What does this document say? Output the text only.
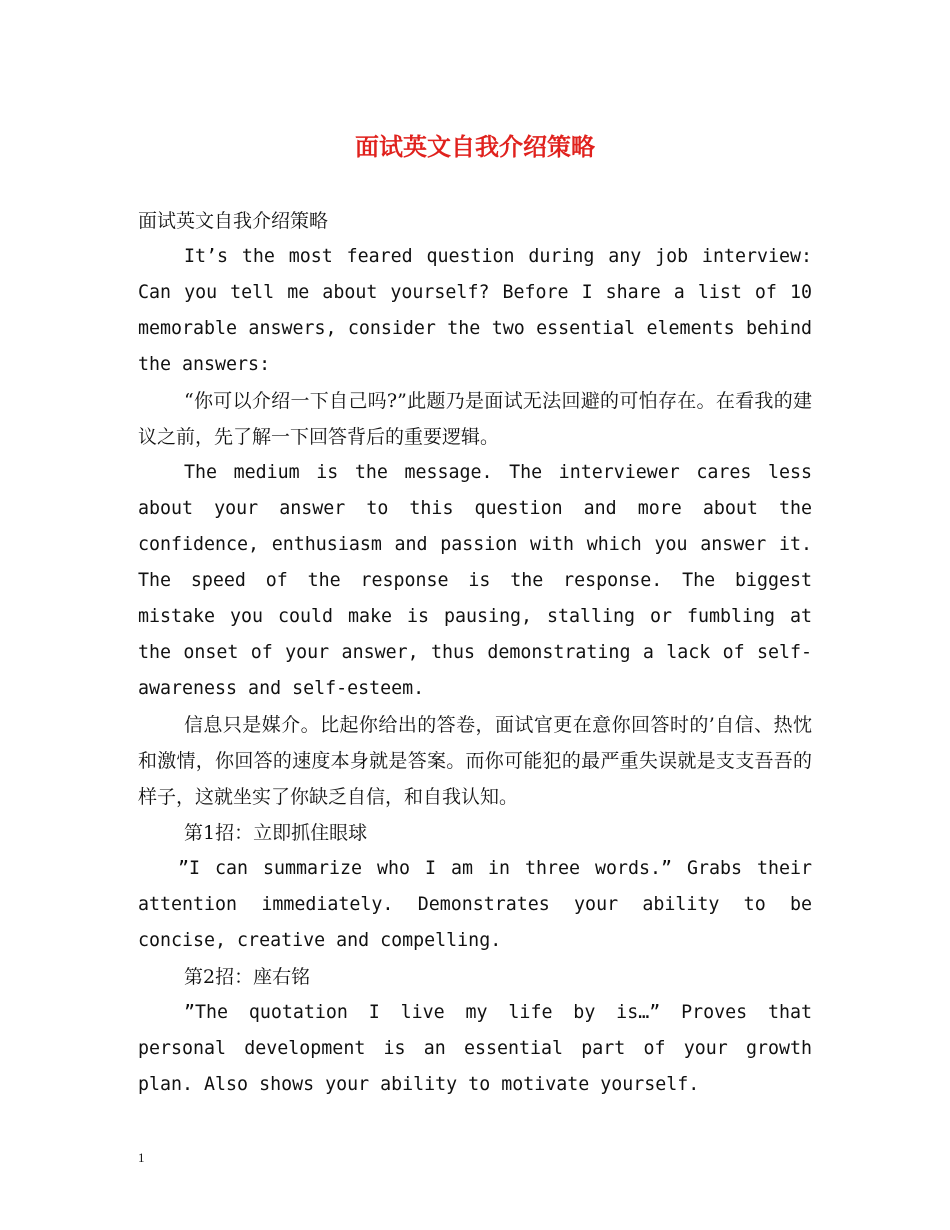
面试英文自我介绍策略

面试英文自我介绍策略

It’s the most feared question during any job interview: Can you tell me about yourself? Before I share a list of 10 memorable answers, consider the two essential elements behind the answers:

“你可以介绍一下自己吗?”此题乃是面试无法回避的可怕存在。在看我的建议之前，先了解一下回答背后的重要逻辑。

The medium is the message. The interviewer cares less about your answer to this question and more about the confidence, enthusiasm and passion with which you answer it. The speed of the response is the response. The biggest mistake you could make is pausing, stalling or fumbling at the onset of your answer, thus demonstrating a lack of self-awareness and self-esteem.

信息只是媒介。比起你给出的答卷，面试官更在意你回答时的’自信、热忱和激情，你回答的速度本身就是答案。而你可能犯的最严重失误就是支支吾吾的样子，这就坐实了你缺乏自信，和自我认知。

第1招：立即抓住眼球

”I can summarize who I am in three words.” Grabs their attention immediately. Demonstrates your ability to be concise, creative and compelling.

第2招：座右铭

”The quotation I live my life by is…” Proves that personal development is an essential part of your growth plan. Also shows your ability to motivate yourself.

1
